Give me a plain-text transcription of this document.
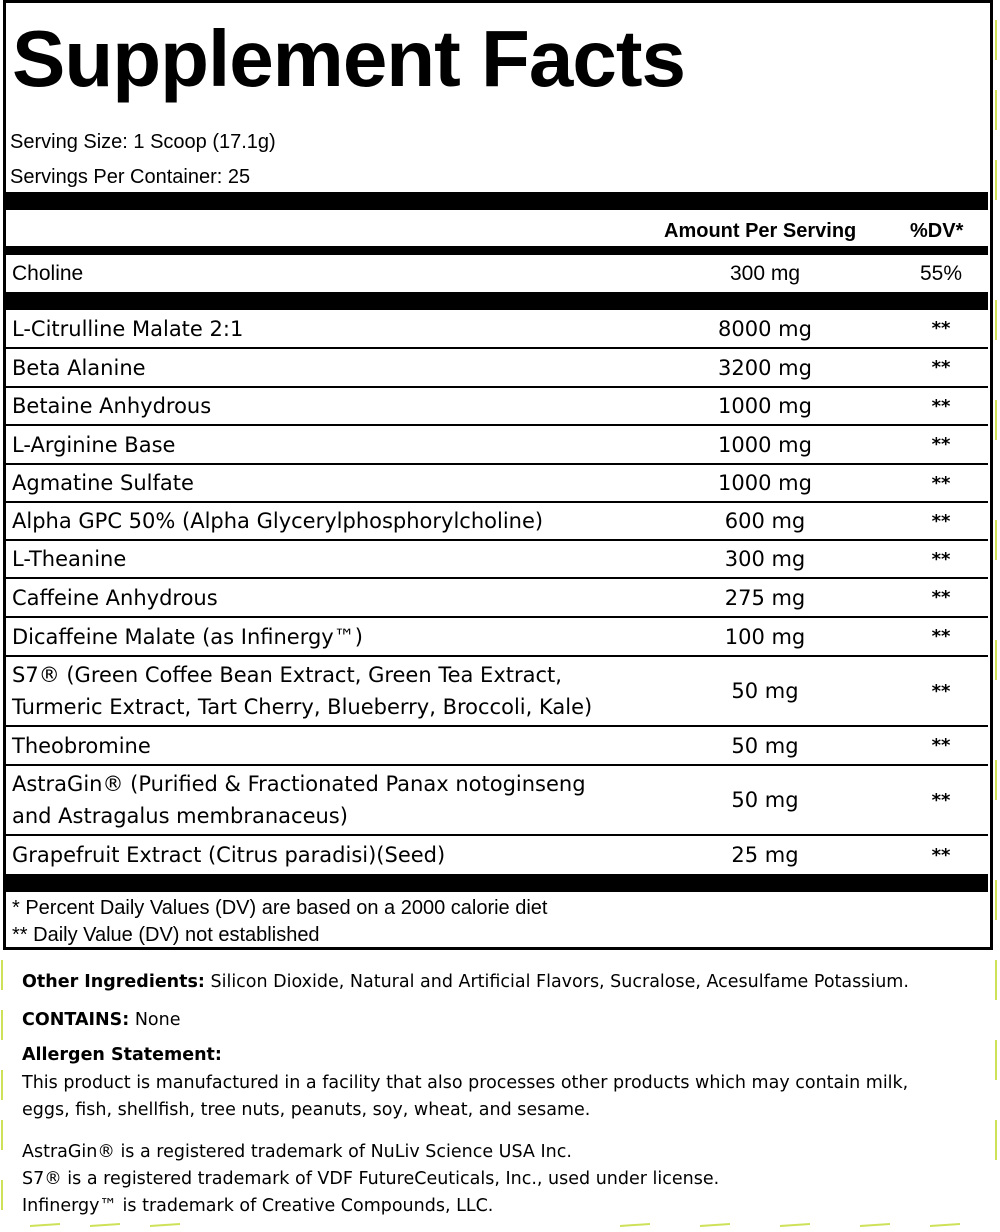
Supplement Facts
Serving Size: 1 Scoop (17.1g)
Servings Per Container: 25
Amount Per Serving	%DV*
Choline	300 mg	55%
L-Citrulline Malate 2:1	8000 mg	**
Beta Alanine	3200 mg	**
Betaine Anhydrous	1000 mg	**
L-Arginine Base	1000 mg	**
Agmatine Sulfate	1000 mg	**
Alpha GPC 50% (Alpha Glycerylphosphorylcholine)	600 mg	**
L-Theanine	300 mg	**
Caffeine Anhydrous	275 mg	**
Dicaffeine Malate (as Infinergy™)	100 mg	**
S7® (Green Coffee Bean Extract, Green Tea Extract,
Turmeric Extract, Tart Cherry, Blueberry, Broccoli, Kale)
50 mg	**
Theobromine	50 mg	**
AstraGin® (Purified & Fractionated Panax notoginseng
and Astragalus membranaceus)
50 mg	**
Grapefruit Extract (Citrus paradisi)(Seed)	25 mg	**
* Percent Daily Values (DV) are based on a 2000 calorie diet
** Daily Value (DV) not established
Other Ingredients: Silicon Dioxide, Natural and Artificial Flavors, Sucralose, Acesulfame Potassium.
CONTAINS: None
Allergen Statement:
This product is manufactured in a facility that also processes other products which may contain milk,
eggs, fish, shellfish, tree nuts, peanuts, soy, wheat, and sesame.
AstraGin® is a registered trademark of NuLiv Science USA Inc.
S7® is a registered trademark of VDF FutureCeuticals, Inc., used under license.
Infinergy™ is trademark of Creative Compounds, LLC.
